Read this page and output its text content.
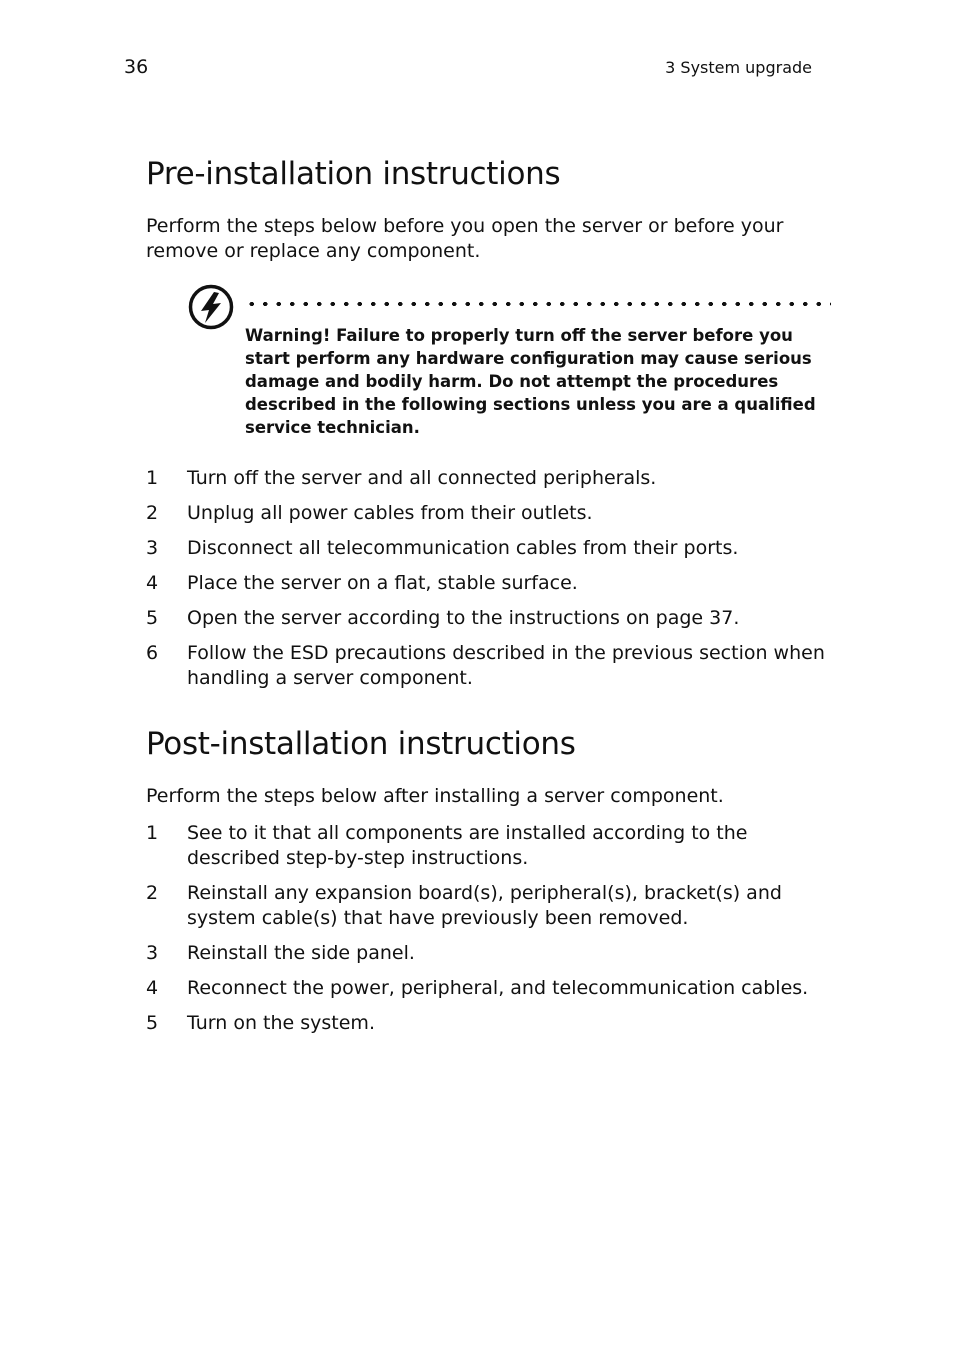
36	3 System upgrade
Pre-installation instructions

Perform the steps below before you open the server or before your remove or replace any component.

Warning! Failure to properly turn off the server before you start perform any hardware configuration may cause serious damage and bodily harm. Do not attempt the procedures described in the following sections unless you are a qualified service technician.
1 Turn off the server and all connected peripherals.
2 Unplug all power cables from their outlets.
3 Disconnect all telecommunication cables from their ports.
4 Place the server on a flat, stable surface.
5 Open the server according to the instructions on page 37.
6 Follow the ESD precautions described in the previous section when handling a server component.
Post-installation instructions

Perform the steps below after installing a server component.

1 See to it that all components are installed according to the described step-by-step instructions.
2 Reinstall any expansion board(s), peripheral(s), bracket(s) and system cable(s) that have previously been removed.
3 Reinstall the side panel.
4 Reconnect the power, peripheral, and telecommunication cables.
5 Turn on the system.
